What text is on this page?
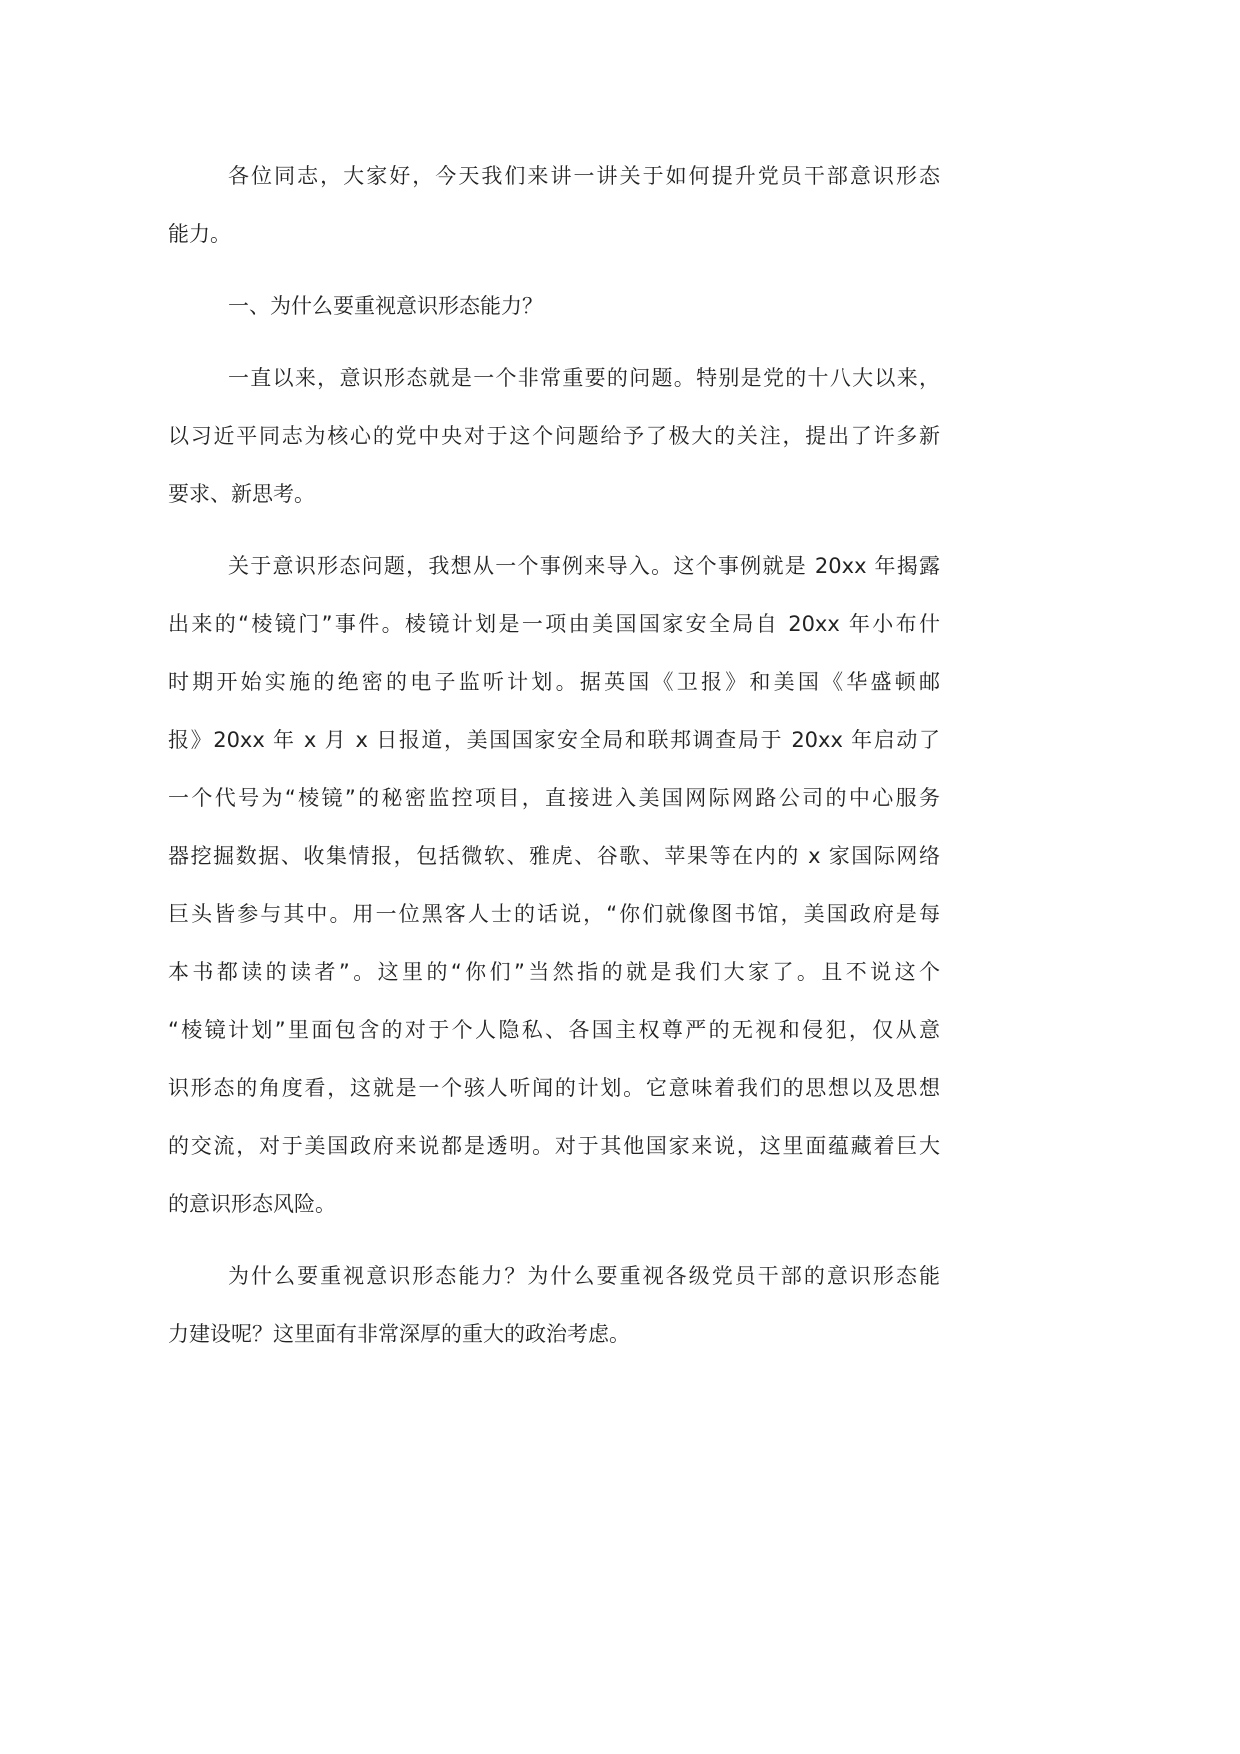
各位同志，大家好，今天我们来讲一讲关于如何提升党员干部意识形态
能力。
一、为什么要重视意识形态能力？
一直以来，意识形态就是一个非常重要的问题。特别是党的十八大以来，
以习近平同志为核心的党中央对于这个问题给予了极大的关注，提出了许多新
要求、新思考。
关于意识形态问题，我想从一个事例来导入。这个事例就是 20xx 年揭露
出来的“棱镜门”事件。棱镜计划是一项由美国国家安全局自 20xx 年小布什
时期开始实施的绝密的电子监听计划。据英国《卫报》和美国《华盛顿邮
报》20xx 年 x 月 x 日报道，美国国家安全局和联邦调查局于 20xx 年启动了
一个代号为“棱镜”的秘密监控项目，直接进入美国网际网路公司的中心服务
器挖掘数据、收集情报，包括微软、雅虎、谷歌、苹果等在内的 x 家国际网络
巨头皆参与其中。用一位黑客人士的话说，“你们就像图书馆，美国政府是每
本书都读的读者”。这里的“你们”当然指的就是我们大家了。且不说这个
“棱镜计划”里面包含的对于个人隐私、各国主权尊严的无视和侵犯，仅从意
识形态的角度看，这就是一个骇人听闻的计划。它意味着我们的思想以及思想
的交流，对于美国政府来说都是透明。对于其他国家来说，这里面蕴藏着巨大
的意识形态风险。
为什么要重视意识形态能力？为什么要重视各级党员干部的意识形态能
力建设呢？这里面有非常深厚的重大的政治考虑。
